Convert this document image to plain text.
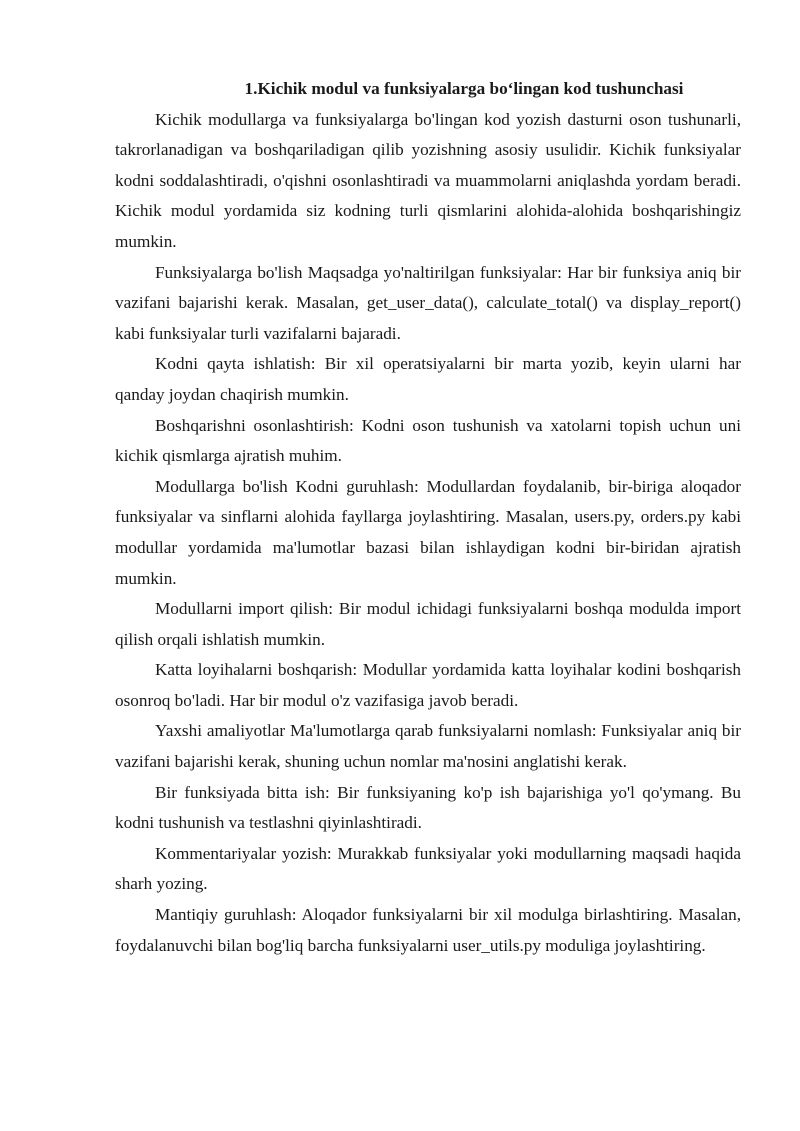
1.Kichik modul va funksiyalarga bo‘lingan kod tushunchasi

Kichik modullarga va funksiyalarga bo'lingan kod yozish dasturni oson tushunarli, takrorlanadigan va boshqariladigan qilib yozishning asosiy usulidir. Kichik funksiyalar kodni soddalashtiradi, o'qishni osonlashtiradi va muammolarni aniqlashda yordam beradi. Kichik modul yordamida siz kodning turli qismlarini alohida-alohida boshqarishingiz mumkin.

Funksiyalarga bo'lish Maqsadga yo'naltirilgan funksiyalar: Har bir funksiya aniq bir vazifani bajarishi kerak. Masalan, get_user_data(), calculate_total() va display_report() kabi funksiyalar turli vazifalarni bajaradi.

Kodni qayta ishlatish: Bir xil operatsiyalarni bir marta yozib, keyin ularni har qanday joydan chaqirish mumkin.

Boshqarishni osonlashtirish: Kodni oson tushunish va xatolarni topish uchun uni kichik qismlarga ajratish muhim.

Modullarga bo'lish Kodni guruhlash: Modullardan foydalanib, bir-biriga aloqador funksiyalar va sinflarni alohida fayllarga joylashtiring. Masalan, users.py, orders.py kabi modullar yordamida ma'lumotlar bazasi bilan ishlaydigan kodni bir-biridan ajratish mumkin.

Modullarni import qilish: Bir modul ichidagi funksiyalarni boshqa modulda import qilish orqali ishlatish mumkin.

Katta loyihalarni boshqarish: Modullar yordamida katta loyihalar kodini boshqarish osonroq bo'ladi. Har bir modul o'z vazifasiga javob beradi.

Yaxshi amaliyotlar Ma'lumotlarga qarab funksiyalarni nomlash: Funksiyalar aniq bir vazifani bajarishi kerak, shuning uchun nomlar ma'nosini anglatishi kerak.

Bir funksiyada bitta ish: Bir funksiyaning ko'p ish bajarishiga yo'l qo'ymang. Bu kodni tushunish va testlashni qiyinlashtiradi.

Kommentariyalar yozish: Murakkab funksiyalar yoki modullarning maqsadi haqida sharh yozing.

Mantiqiy guruhlash: Aloqador funksiyalarni bir xil modulga birlashtiring. Masalan, foydalanuvchi bilan bog'liq barcha funksiyalarni user_utils.py moduliga joylashtiring.
